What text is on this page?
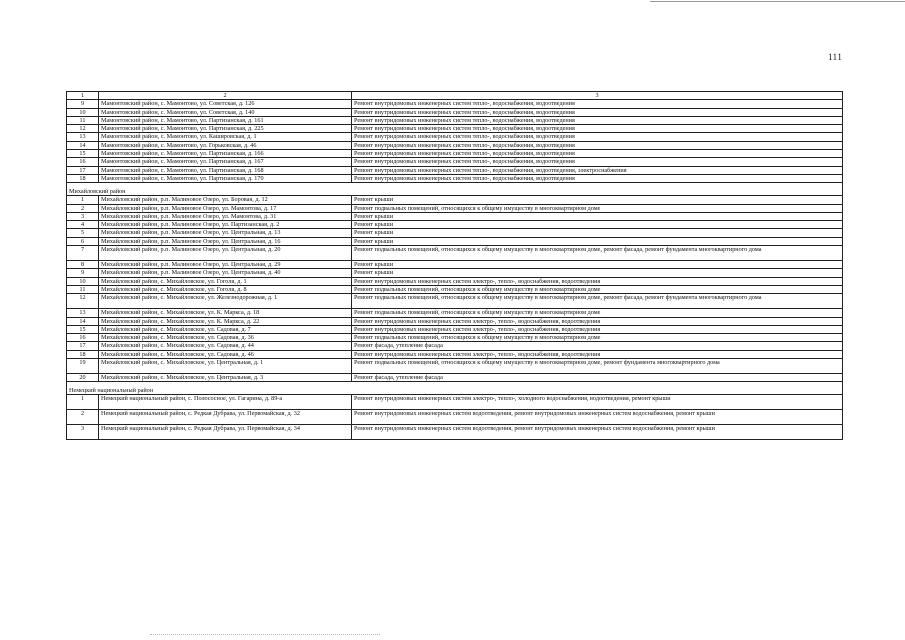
111
1	2	3
9	Мамонтовский район, с. Мамонтово, ул. Советская, д. 126	Ремонт внутридомовых инженерных систем тепло-, водоснабжения, водоотведения
10	Мамонтовский район, с. Мамонтово, ул. Советская, д. 140	Ремонт внутридомовых инженерных систем тепло-, водоснабжения, водоотведения
11	Мамонтовский район, с. Мамонтово, ул. Партизанская, д. 161	Ремонт внутридомовых инженерных систем тепло-, водоснабжения, водоотведения
12	Мамонтовский район, с. Мамонтово, ул. Партизанская, д. 225	Ремонт внутридомовых инженерных систем тепло-, водоснабжения, водоотведения
13	Мамонтовский район, с. Мамонтово, ул. Кашировская, д. 1	Ремонт внутридомовых инженерных систем тепло-, водоснабжения, водоотведения
14	Мамонтовский район, с. Мамонтово, ул. Горьковская, д. 46	Ремонт внутридомовых инженерных систем тепло-, водоснабжения, водоотведения
15	Мамонтовский район, с. Мамонтово, ул. Партизанская, д. 166	Ремонт внутридомовых инженерных систем тепло-, водоснабжения, водоотведения
16	Мамонтовский район, с. Мамонтово, ул. Партизанская, д. 167	Ремонт внутридомовых инженерных систем тепло-, водоснабжения, водоотведения
17	Мамонтовский район, с. Мамонтово, ул. Партизанская, д. 168	Ремонт внутридомовых инженерных систем тепло-, водоснабжения, водоотведения, электроснабжения
18	Мамонтовский район, с. Мамонтово, ул. Партизанская, д. 170	Ремонт внутридомовых инженерных систем тепло-, водоснабжения, водоотведения
Михайловский район		
1	Михайловский район, р.п. Малиновое Озеро, ул. Боровая, д. 12	Ремонт крыши
2	Михайловский район, р.п. Малиновое Озеро, ул. Мамонтова, д. 17	Ремонт подвальных помещений, относящихся к общему имуществу в многоквартирном доме
3	Михайловский район, р.п. Малиновое Озеро, ул. Мамонтова, д. 31	Ремонт крыши
4	Михайловский район, р.п. Малиновое Озеро, ул. Партизанская, д. 2	Ремонт крыши
5	Михайловский район, р.п. Малиновое Озеро, ул. Центральная, д. 13	Ремонт крыши
6	Михайловский район, р.п. Малиновое Озеро, ул. Центральная, д. 16	Ремонт крыши
7	Михайловский район, р.п. Малиновое Озеро, ул. Центральная, д. 20	Ремонт подвальных помещений, относящихся к общему имуществу в многоквартирном доме, ремонт фасада, ремонт фундамента многоквартирного дома
8	Михайловский район, р.п. Малиновое Озеро, ул. Центральная, д. 29	Ремонт крыши
9	Михайловский район, р.п. Малиновое Озеро, ул. Центральная, д. 40	Ремонт крыши
10	Михайловский район, с. Михайловское, ул. Гоголя, д. 1	Ремонт внутридомовых инженерных систем электро-, тепло-, водоснабжения, водоотведения
11	Михайловский район, с. Михайловское, ул. Гоголя, д. 8	Ремонт подвальных помещений, относящихся к общему имуществу в многоквартирном доме
12	Михайловский район, с. Михайловское, ул. Железнодорожная, д. 1	Ремонт подвальных помещений, относящихся к общему имуществу в многоквартирном доме, ремонт фасада, ремонт фундамента многоквартирного дома
13	Михайловский район, с. Михайловское, ул. К. Маркса, д. 18	Ремонт подвальных помещений, относящихся к общему имуществу в многоквартирном доме
14	Михайловский район, с. Михайловское, ул. К. Маркса, д. 22	Ремонт внутридомовых инженерных систем электро-, тепло-, водоснабжения, водоотведения
15	Михайловский район, с. Михайловское, ул. Садовая, д. 7	Ремонт внутридомовых инженерных систем электро-, тепло-, водоснабжения, водоотведения
16	Михайловский район, с. Михайловское, ул. Садовая, д. 36	Ремонт подвальных помещений, относящихся к общему имуществу в многоквартирном доме
17	Михайловский район, с. Михайловское, ул. Садовая, д. 44	Ремонт фасада, утепление фасада
18	Михайловский район, с. Михайловское, ул. Садовая, д. 46	Ремонт внутридомовых инженерных систем электро-, тепло-, водоснабжения, водоотведения
19	Михайловский район, с. Михайловское, ул. Центральная, д. 1	Ремонт подвальных помещений, относящихся к общему имуществу в многоквартирном доме, ремонт фундамента многоквартирного дома
20	Михайловский район, с. Михайловское, ул. Центральная, д. 3	Ремонт фасада, утепление фасада
Немецкий национальный район		
1	Немецкий национальный район, с. Полососное, ул. Гагарина, д. 89-а	Ремонт внутридомовых инженерных систем электро-, тепло-, холодного водоснабжения, водоотведения, ремонт крыши
2	Немецкий национальный район, с. Редкая Дубрава, ул. Первомайская, д. 32	Ремонт внутридомовых инженерных систем водоотведения, ремонт внутридомовых инженерных систем водоснабжения, ремонт крыши
3	Немецкий национальный район, с. Редкая Дубрава, ул. Первомайская, д. 34	Ремонт внутридомовых инженерных систем водоотведения, ремонт внутридомовых инженерных систем водоснабжения, ремонт крыши
